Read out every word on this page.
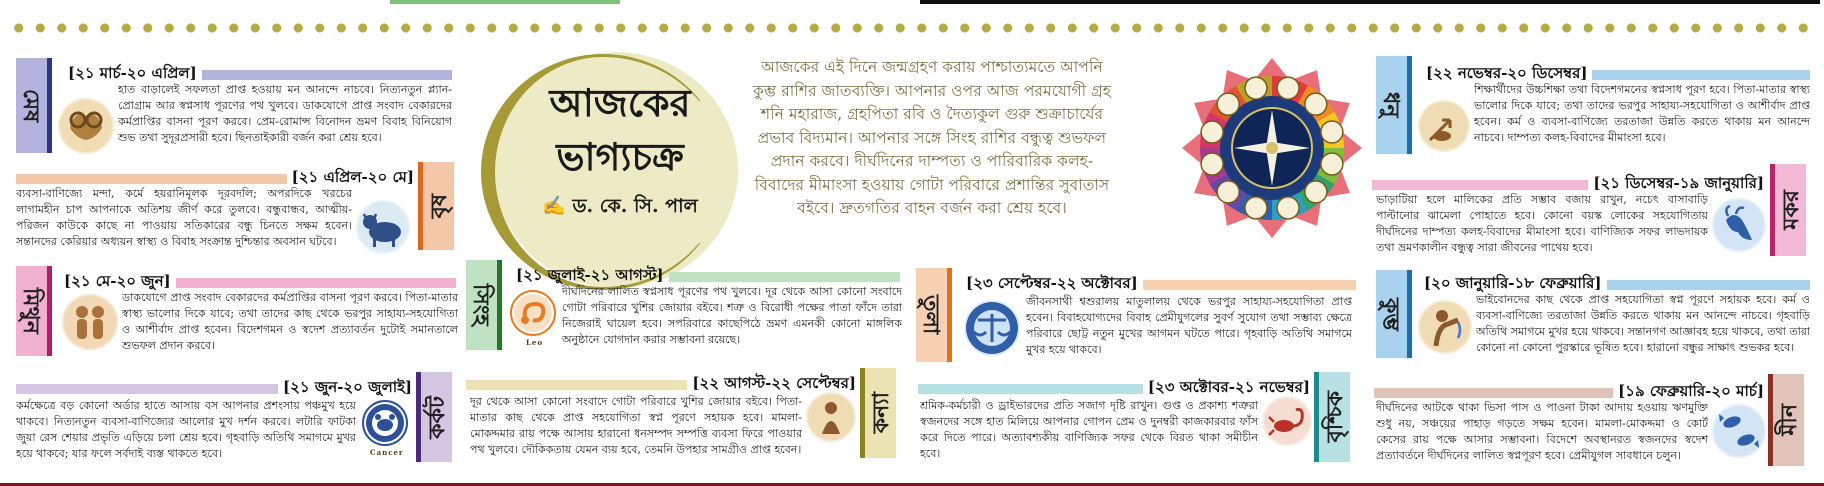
মেষ
[২১ মার্চ-২০ এপ্রিল]
হাত বাড়ালেই সফলতা প্রাপ্ত হওয়ায় মন আনন্দে নাচবে। নিত্যনতুন প্ল্যান-প্রোগ্রাম আর স্বপ্নসাধ পূরণের পথ খুলবে। ডাকযোগে প্রাপ্ত সংবাদ বেকারদের কর্মপ্রাপ্তির বাসনা পূরণ করবে। প্রেম-রোমান্স বিনোদন ভ্রমণ বিবাহ বিনিয়োগ শুভ তথা সুদূরপ্রসারী হবে। ছিনতাইকারী বর্জন করা শ্রেয় হবে।
[২১ এপ্রিল-২০ মে]
বৃষ
ব্যবসা-বাণিজ্যে মন্দা, কর্মে হয়রানিমূলক দূরবদলি; অপরদিকে খরচের লাগামহীন চাপ আপনাকে অতিশয় জীর্ণ করে তুলবে। বন্ধুবান্ধব, আত্মীয়-পরিজন কাউকে কাছে না পাওয়ায় সতিকারের বন্ধু চিনতে সক্ষম হবেন। সন্তানদের কেরিয়ার অধ্যয়ন স্বাস্থ্য ও বিবাহ সংক্রান্ত দুশ্চিন্তার অবসান ঘটবে।
মিথুন
[২১ মে-২০ জুন]
ডাকযোগে প্রাপ্ত সংবাদ বেকারদের কর্মপ্রাপ্তির বাসনা পূরণ করবে। পিতা-মাতার স্বাস্থ্য ভালোর দিকে যাবে; তথা তাদের কাছ থেকে ভরপুর সাহায্য-সহযোগিতা ও আশীর্বাদ প্রাপ্ত হবেন। বিদেশগমন ও স্বদেশ প্রত্যাবর্তন দুটোই সমানতালে শুভফল প্রদান করবে।
[২১ জুন-২০ জুলাই]
কর্কট
Cancer
কর্মক্ষেত্রে বড় কোনো অর্ডার হাতে আসায় বস আপনার প্রশংসায় পঞ্চমুখ হয়ে থাকবে। নিত্যনতুন ব্যবসা-বাণিজ্যের আলোর মুখ দর্শন করবে। লটারি ফাটকা জুয়া রেস শেয়ার প্রভৃতি এড়িয়ে চলা শ্রেয় হবে। গৃহবাড়ি অতিথি সমাগমে মুখর হয়ে থাকবে; যার ফলে সর্বদাই ব্যস্ত থাকতে হবে।
আজকের
ভাগ্যচক্র
✍ ড. কে. সি. পাল
আজকের এই দিনে জন্মগ্রহণ করায় পাশ্চাত্যমতে আপনি কুম্ভ রাশির জাতব্যক্তি। আপনার ওপর আজ পরমযোগী গ্রহ শনি মহারাজ, গ্রহপিতা রবি ও দৈত্যকুল গুরু শুক্রাচার্যের প্রভাব বিদ্যমান। আপনার সঙ্গে সিংহ রাশির বন্ধুত্ব শুভফল প্রদান করবে। দীর্ঘদিনের দাম্পত্য ও পারিবারিক কলহ-বিবাদের মীমাংসা হওয়ায় গোটা পরিবারে প্রশান্তির সুবাতাস বইবে। দ্রুতগতির বাহন বর্জন করা শ্রেয় হবে।
সিংহ
[২১ জুলাই-২১ আগস্ট]
Leo
দীর্ঘদিনের লালিত স্বপ্নসাধ পূরণের পথ খুলবে। দূর থেকে আসা কোনো সংবাদে গোটা পরিবারে খুশির জোয়ার বইবে। শত্রু ও বিরোধী পক্ষের পাতা ফাঁদে তারা নিজেরাই ঘায়েল হবে। সপরিবারে কাছেপিঠে ভ্রমণ এমনকী কোনো মাঙ্গলিক অনুষ্ঠানে যোগদান করার সম্ভাবনা রয়েছে।
[২২ আগস্ট-২২ সেপ্টেম্বর]
কন্যা
দূর থেকে আসা কোনো সংবাদে গোটা পরিবারে খুশির জোয়ার বইবে। পিতা-মাতার কাছ থেকে প্রাপ্ত সহযোগিতা স্বপ্ন পূরণে সহায়ক হবে। মামলা-মোকদ্দমার রায় পক্ষে আসায় হারানো ধনসম্পদ সম্পত্তি ব্যবসা ফিরে পাওয়ার পথ খুলবে। দৌকিকতায় যেমন ব্যয় হবে, তেমনি উপহার সামগ্রীও প্রাপ্ত হবেন।
তুলা
[২৩ সেপ্টেম্বর-২২ অক্টোবর]
জীবনসাথী শ্বশুরালয় মাতুলালয় থেকে ভরপুর সাহায্য-সহযোগিতা প্রাপ্ত হবেন। বিবাহযোগ্যদের বিবাহ প্রেমীযুগলের সুবর্ণ সুযোগ তথা সম্ভাব্য ক্ষেত্রে পরিবারে ছোট্ট নতুন মুখের আগমন ঘটতে পারে। গৃহবাড়ি অতিথি সমাগমে মুখর হয়ে থাকবে।
[২৩ অক্টোবর-২১ নভেম্বর]
বৃশ্চিক
শ্রমিক-কর্মচারী ও ড্রাইভারদের প্রতি সজাগ দৃষ্টি রাখুন। গুপ্ত ও প্রকাশ্য শত্রুরা স্বজনদের সঙ্গে হাত মিলিয়ে আপনার গোপন প্রেম ও দুনম্বরী কাজকারবার ফাঁস করে দিতে পারে। অত্যাবশ্যকীয় বাণিজ্যিক সফর থেকে বিরত থাকা সমীচীন হবে।
ধনু
[২২ নভেম্বর-২০ ডিসেম্বর]
শিক্ষার্থীদের উচ্চশিক্ষা তথা বিদেশগমনের স্বপ্নসাধ পূরণ হবে। পিতা-মাতার স্বাস্থ্য ভালোর দিকে যাবে; তথা তাদের ভরপুর সাহায্য-সহযোগিতা ও আশীর্বাদ প্রাপ্ত হবেন। কর্ম ও ব্যবসা-বাণিজ্যে তরতাজা উন্নতি করতে থাকায় মন আনন্দে নাচবে। দাম্পত্য কলহ-বিবাদের মীমাংসা হবে।
[২১ ডিসেম্বর-১৯ জানুয়ারি]
মকর
ভাড়াটিয়া হলে মালিকের প্রতি সম্ভাব বজায় রাখুন, নচেৎ বাসাবাড়ি পাল্টানোর ঝামেলা পোহাতে হবে। কোনো বয়স্ক লোকের সহযোগিতায় দীর্ঘদিনের দাম্পত্য কলহ-বিবাদের মীমাংসা হবে। বাণিজ্যিক সফর লাভদায়ক তথা ভ্রমণকালীন বন্ধুত্ব সারা জীবনের পাথেয় হবে।
কুম্ভ
[২০ জানুয়ারি-১৮ ফেব্রুয়ারি]
ভাইবোনদের কাছ থেকে প্রাপ্ত সহযোগিতা স্বপ্ন পূরণে সহায়ক হবে। কর্ম ও ব্যবসা-বাণিজ্যে তরতাজা উন্নতি করতে থাকায় মন আনন্দে নাচবে। গৃহবাড়ি অতিথি সমাগমে মুখর হয়ে থাকবে। সন্তানগণ আজ্ঞাবহ হয়ে থাকবে, তথা তারা কোনো না কোনো পুরস্কারে ভূষিত হবে। হারানো বন্ধুর সাক্ষাৎ শুভকর হবে।
[১৯ ফেব্রুয়ারি-২০ মার্চ]
মীন
দীর্ঘদিনের আটকে থাকা ভিসা পাস ও পাওনা টাকা আদায় হওয়ায় ঋণমুক্তি শুধু নয়, সঞ্চয়ের পাহাড় গড়তে সক্ষম হবেন। মামলা-মোকদ্দমা ও কোর্ট কেসের রায় পক্ষে আসার সম্ভাবনা। বিদেশে অবস্থানরত স্বজনদের স্বদেশ প্রত্যাবর্তনে দীর্ঘদিনের লালিত স্বপ্নপূরণ হবে। প্রেমীযুগল সাবধানে চলুন।
